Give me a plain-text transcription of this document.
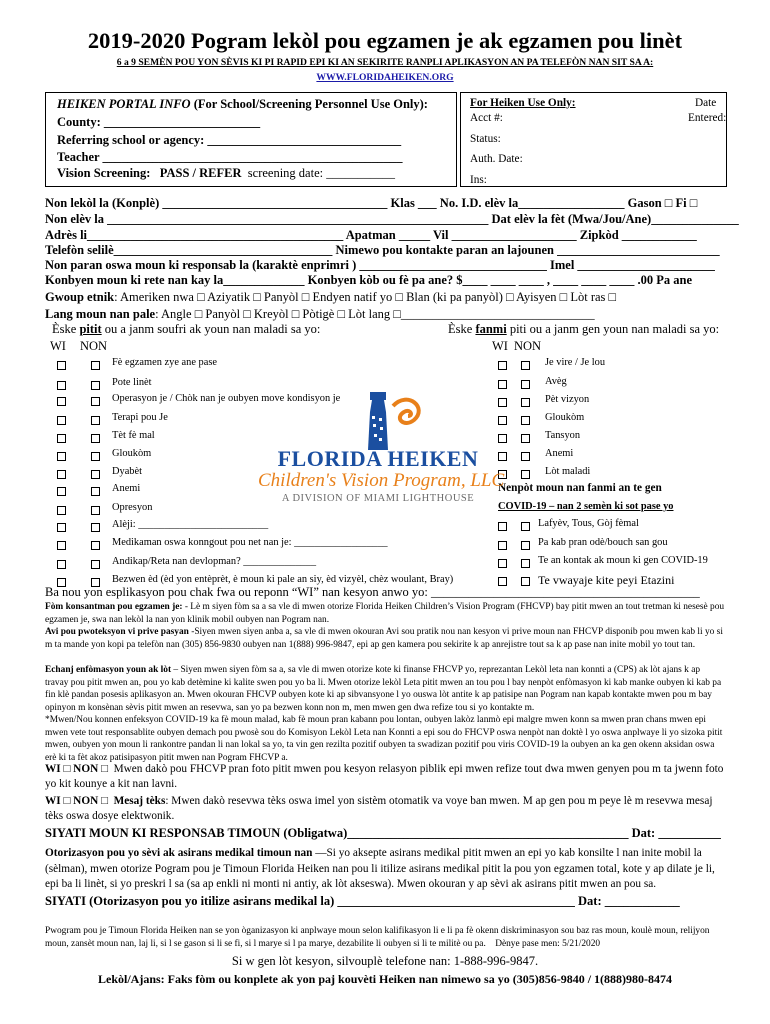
2019-2020 Pogram lekòl pou egzamen je ak egzamen pou linèt
6 a 9 SEMÈN POU YON SÈVIS KI PI RAPID EPI KI AN SEKIRITE RANPLI APLIKASYON AN PA TELEFÒN NAN SIT SA A:
WWW.FLORIDAHEIKEN.ORG
HEIKEN PORTAL INFO (For School/Screening Personnel Use Only):
County: _________________________
Referring school or agency: _______________________________
Teacher ________________________________________________
Vision Screening: PASS / REFER screening date: ___________
For Heiken Use Only:	Date
Entered:
Acct #:
Status:
Auth. Date:
Ins:
Non lekòl la (Konplè) ____________________________________ Klas ___ No. I.D. elèv la_________________ Gason □ Fi □
Non elèv la _____________________________________________________________ Dat elèv la fèt (Mwa/Jou/Ane)______________
Adrès li_________________________________________ Apatman _____ Vil ____________________ Zipkòd ____________
Telefòn selilè___________________________________ Nimewo pou kontakte paran an lajounen __________________________
Non paran oswa moun ki responsab la (karaktè enprimri ) ______________________________ Imel ______________________
Konbyen moun ki rete nan kay la_____________ Konbyen kòb ou fè pa ane? $____ ____ ____ , ____ ____ ____ .00 Pa ane
Gwoup etnik: Ameriken nwa □ Aziyatik □ Panyòl □ Endyen natif yo □ Blan (ki pa panyòl) □ Ayisyen □ Lòt ras □
Lang moun nan pale: Angle □ Panyòl □ Kreyòl □ Pòtigè □ Lòt lang □_______________________________
Èske pitit ou a janm soufri ak youn nan maladi sa yo:
WI NON
Fè egzamen zye ane pase
Pote linèt
Operasyon je / Chòk nan je oubyen move kondisyon je
Terapi pou Je
Tèt fè mal
Gloukòm
Dyabèt
Anemi
Opresyon
Alèji: _________________________
Medikaman oswa konngout pou net nan je: __________________
Andikap/Reta nan devlopman? ______________
Bezwen èd (èd yon entèprèt, è moun ki pale an siy, èd vizyèl, chèz woulant, Bray)
Èske fanmi piti ou a janm gen youn nan maladi sa yo:
WI NON
Je vire / Je lou
Avèg
Pèt vizyon
Gloukòm
Tansyon
Anemi
Lòt maladi
Nenpòt moun nan fanmi an te gen
COVID-19 – nan 2 semèn ki sot pase yo
Lafyèv, Tous, Gòj fèmal
Pa kab pran odè/bouch san gou
Te an kontak ak moun ki gen COVID-19
Te vwayaje kite peyi Etazini
FLORIDA HEIKEN
Children's Vision Program, LLC
A DIVISION OF MIAMI LIGHTHOUSE
Ba nou yon esplikasyon pou chak fwa ou reponn “WI” nan kesyon anwo yo: ___________________________________________
Fòm konsantman pou egzamen je: - Lè m siyen fòm sa a sa vle di mwen otorize Florida Heiken Children’s Vision Program (FHCVP) bay pitit mwen an tout tretman ki nesesè pou egzamen je, swa nan lekòl la nan yon klinik mobil oubyen nan Pogram nan.
Avi pou pwoteksyon vi prive pasyan -Siyen mwen siyen anba a, sa vle di mwen okouran Avi sou pratik nou nan kesyon vi prive moun nan FHCVP disponib pou mwen kab li yo si m ta mande yon kopi pa telefòn nan (305) 856-9830 oubyen nan 1(888) 996-9847, epi ap gen kamera pou sekirite k ap anrejistre tout sa k ap pase nan inite mobil yo tout tan.
Echanj enfòmasyon youn ak lòt – Siyen mwen siyen fòm sa a, sa vle di mwen otorize kote ki finanse FHCVP yo, reprezantan Lekòl leta nan konnti a (CPS) ak lòt ajans k ap travay pou pitit mwen an, pou yo kab detèmine ki kalite swen pou yo ba li. Mwen otorize lekòl Leta pitit mwen an tou pou l bay nenpòt enfòmasyon ki kab manke oubyen ki kab pa fin klè pandan posesis aplikasyon an. Mwen okouran FHCVP oubyen kote ki ap sibvansyone l yo ouswa lòt antite k ap patisipe nan Pogram nan kapab kontakte mwen pou m bay opinyon m konsènan sèvis pitit mwen an resevwa, san yo pa bezwen konn non m, men mwen gen dwa refize tou si yo kontakte m.
*Mwen/Nou konnen enfeksyon COVID-19 ka fè moun malad, kab fè moun pran kabann pou lontan, oubyen lakòz lanmò epi malgre mwen konn sa mwen pran chans mwen epi mwen vete tout responsablite oubyen demach pou pwosè sou do Komisyon Lekòl Leta nan Konnti a epi sou do FHCVP oswa nenpòt nan doktè l yo oswa anplwaye li yo sizoka pitit mwen, oubyen yon moun li rankontre pandan li nan lokal sa yo, ta vin gen rezilta pozitif oubyen ta swadizan pozitif pou viris COVID-19 la oubyen an ka gen okenn aksidan oswa erè ki ta fèt akoz patisipasyon pitit mwen nan Pogram FHCVP a.
WI □ NON □ Mwen dakò pou FHCVP pran foto pitit mwen pou kesyon relasyon piblik epi mwen refize tout dwa mwen genyen pou m ta jwenn foto yo kit kounye a kit nan lavni.
WI □ NON □ Mesaj tèks: Mwen dakò resevwa tèks oswa imel yon sistèm otomatik va voye ban mwen. M ap gen pou m peye lè m resevwa mesaj tèks oswa dosye elektwonik.
SIYATI MOUN KI RESPONSAB TIMOUN (Obligatwa)_____________________________________________ Dat: __________
Otorizasyon pou yo sèvi ak asirans medikal timoun nan —Si yo aksepte asirans medikal pitit mwen an epi yo kab konsilte l nan inite mobil la (sèlman), mwen otorize Pogram pou je Timoun Florida Heiken nan pou li itilize asirans medikal pitit la pou yon egzamen total, kote y ap dilate je li, epi ba li linèt, si yo preskri l sa (sa ap enkli ni monti ni antiy, ak lòt akseswa). Mwen okouran y ap sèvi ak asirans pitit mwen an pou sa.
SIYATI (Otorizasyon pou yo itilize asirans medikal la) ______________________________________ Dat: ____________
Pwogram pou je Timoun Florida Heiken nan se yon òganizasyon ki anplwaye moun selon kalifikasyon li e li pa fè okenn diskriminasyon sou baz ras moun, koulè moun, relijyon moun, zansèt moun nan, laj li, si l se gason si li se fi, si l marye si l pa marye, dezabilite li oubyen si li te militè ou pa. Dènye pase men: 5/21/2020
Si w gen lòt kesyon, silvouplè telefone nan: 1-888-996-9847.
Lekòl/Ajans: Faks fòm ou konplete ak yon paj kouvèti Heiken nan nimewo sa yo (305)856-9840 / 1(888)980-8474
